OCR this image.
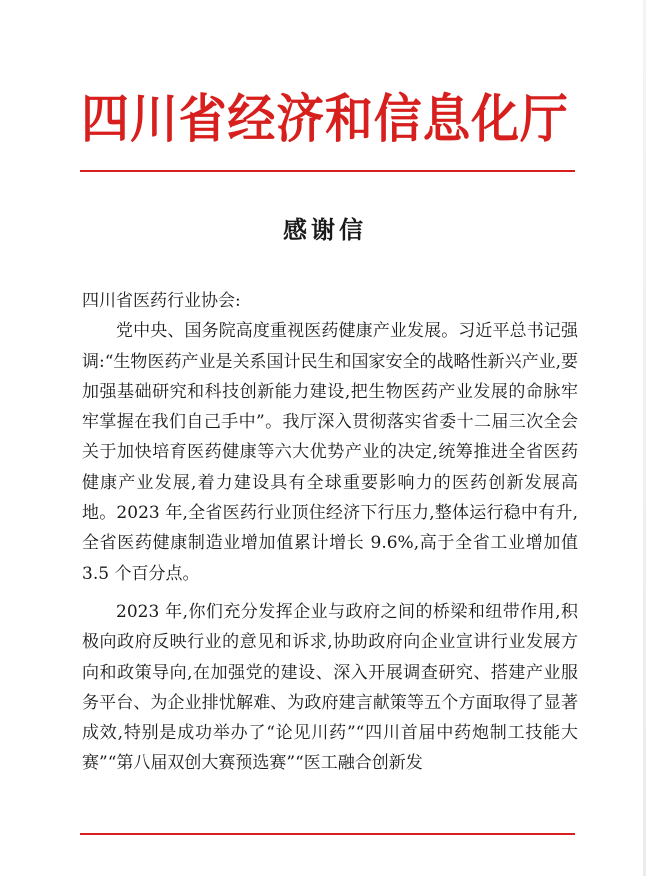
四川省经济和信息化厅
感谢信

四川省医药行业协会:

党中央、国务院高度重视医药健康产业发展。习近平总书记强调:“生物医药产业是关系国计民生和国家安全的战略性新兴产业,要加强基础研究和科技创新能力建设,把生物医药产业发展的命脉牢牢掌握在我们自己手中”。我厅深入贯彻落实省委十二届三次全会关于加快培育医药健康等六大优势产业的决定,统筹推进全省医药健康产业发展,着力建设具有全球重要影响力的医药创新发展高地。2023 年,全省医药行业顶住经济下行压力,整体运行稳中有升,全省医药健康制造业增加值累计增长 9.6%,高于全省工业增加值 3.5 个百分点。

2023 年,你们充分发挥企业与政府之间的桥梁和纽带作用,积极向政府反映行业的意见和诉求,协助政府向企业宣讲行业发展方向和政策导向,在加强党的建设、深入开展调查研究、搭建产业服务平台、为企业排忧解难、为政府建言献策等五个方面取得了显著成效,特别是成功举办了“论见川药”“四川首届中药炮制工技能大赛”“第八届双创大赛预选赛”“医工融合创新发
